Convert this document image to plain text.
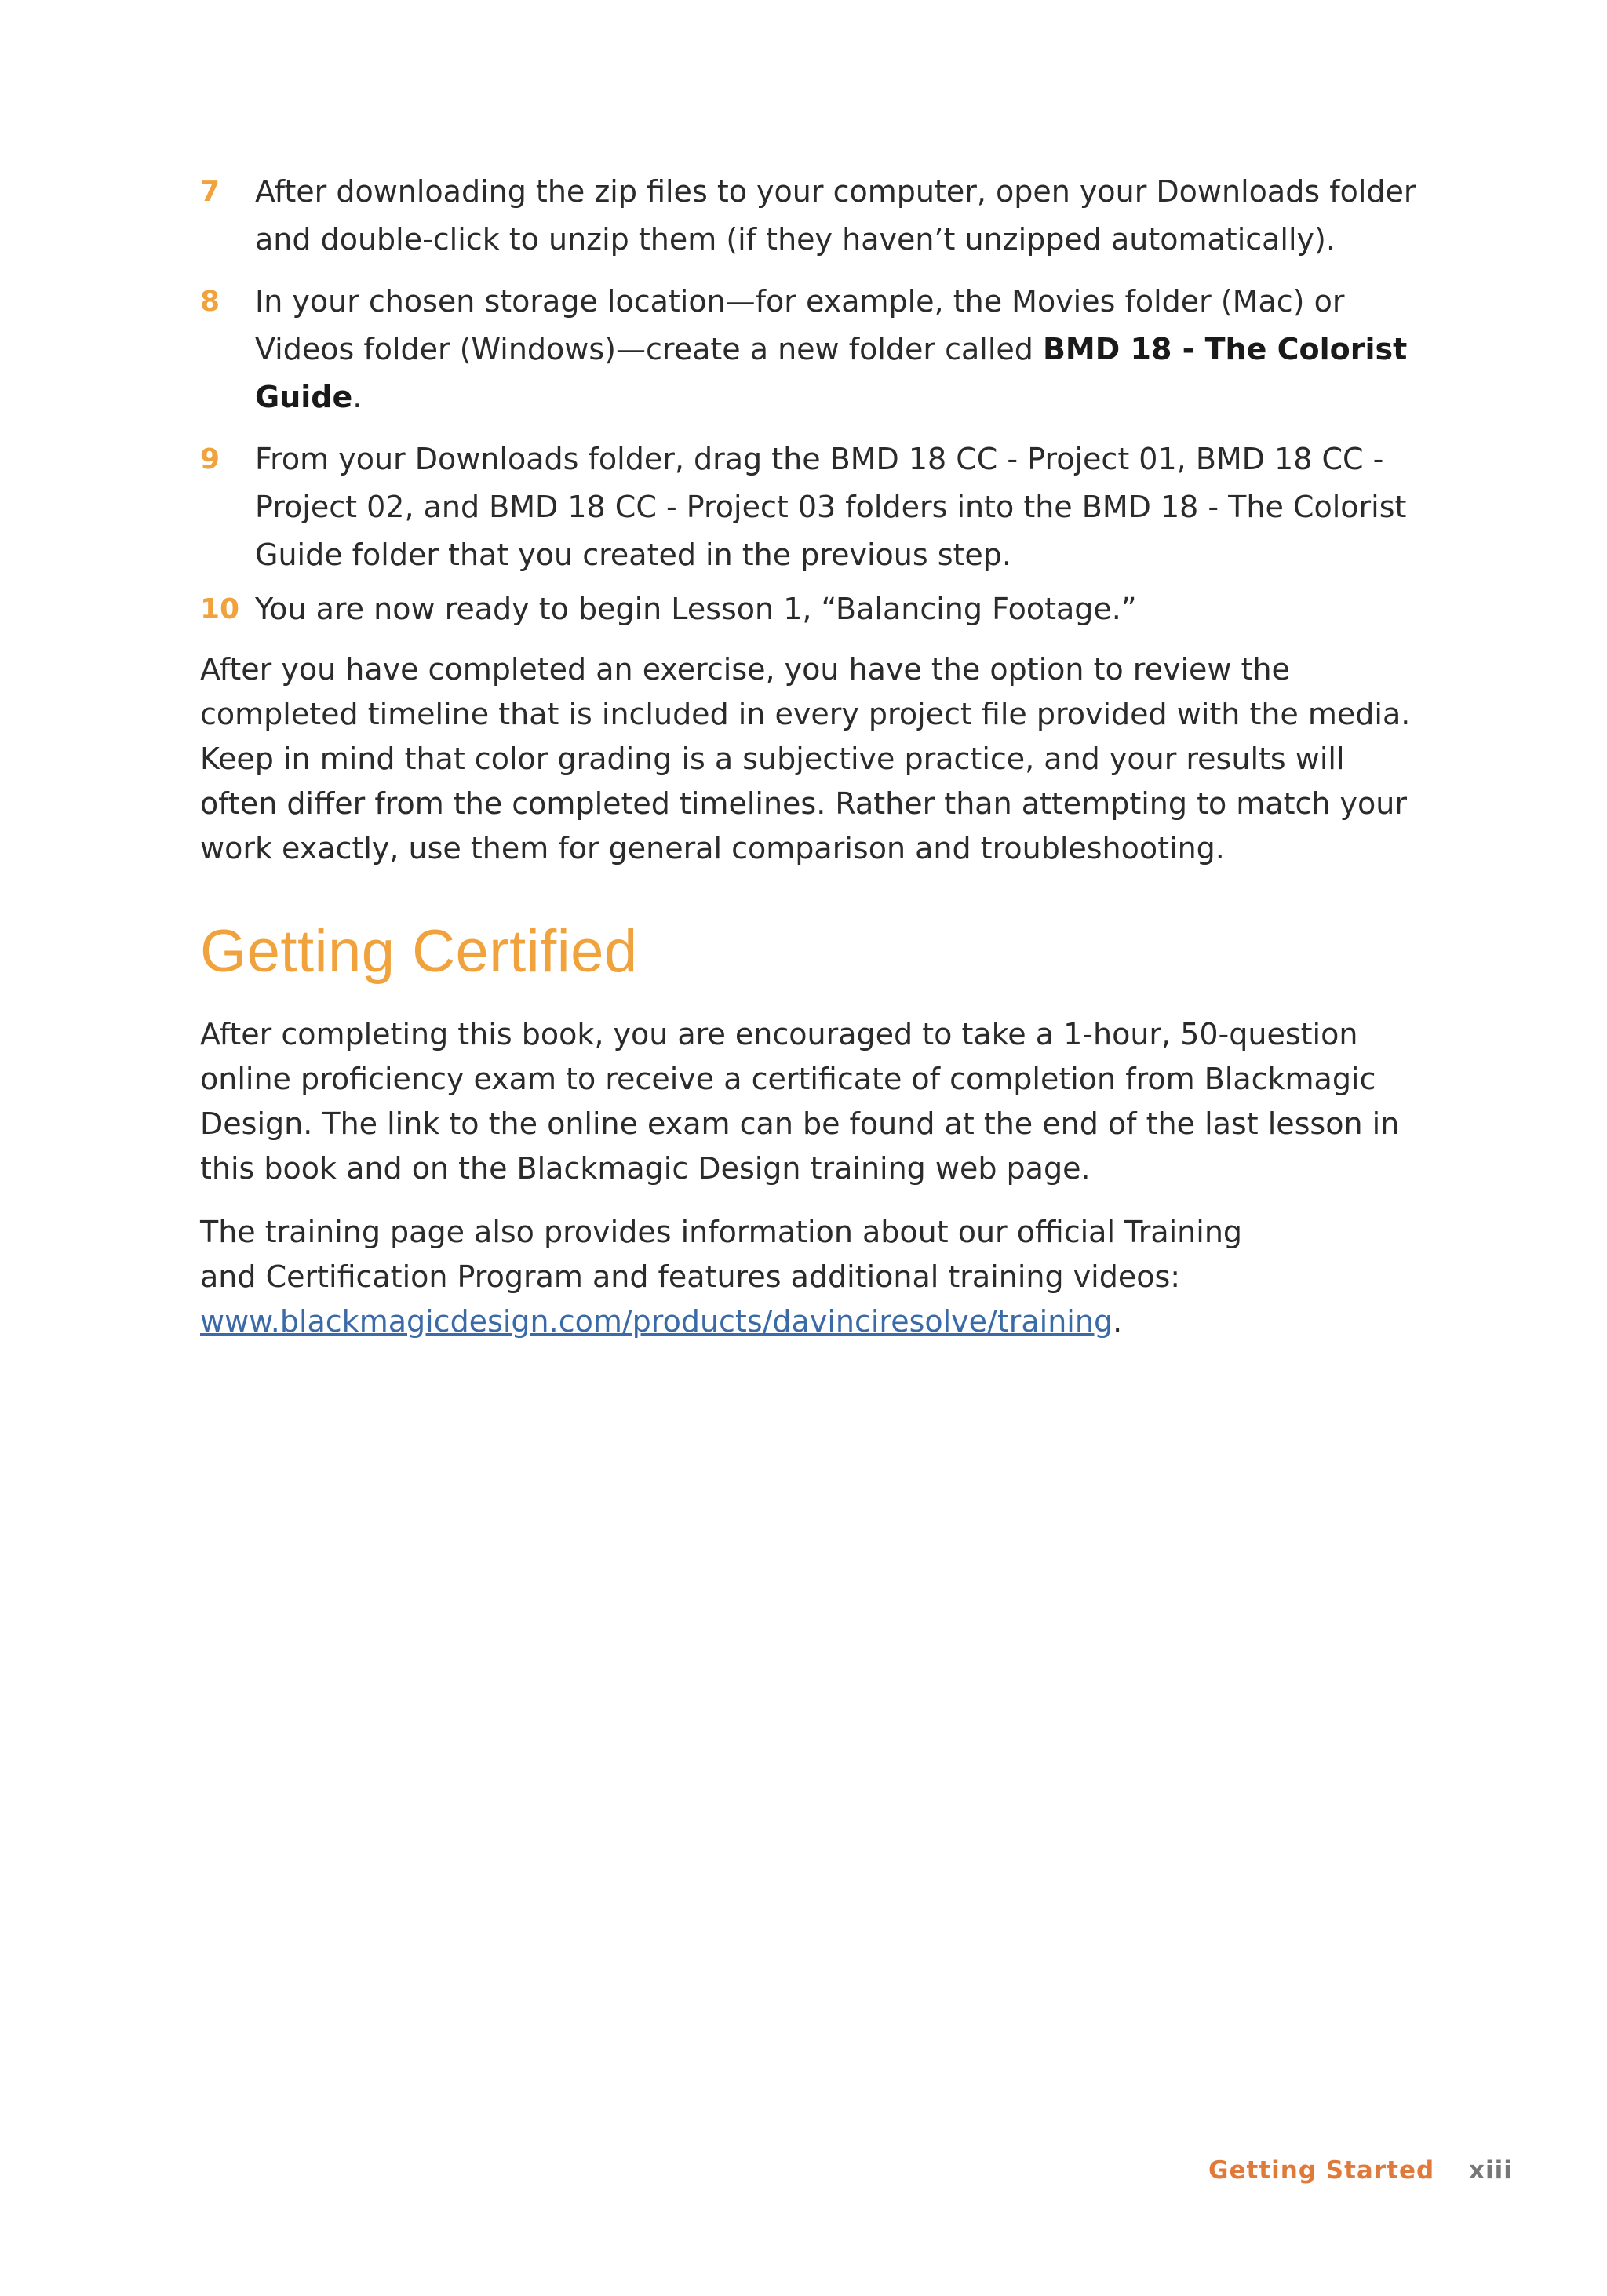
7 After downloading the zip files to your computer, open your Downloads folder and double-click to unzip them (if they haven’t unzipped automatically).
8 In your chosen storage location—for example, the Movies folder (Mac) or Videos folder (Windows)—create a new folder called BMD 18 - The Colorist Guide.
9 From your Downloads folder, drag the BMD 18 CC - Project 01, BMD 18 CC - Project 02, and BMD 18 CC - Project 03 folders into the BMD 18 - The Colorist Guide folder that you created in the previous step.
10 You are now ready to begin Lesson 1, “Balancing Footage.”
After you have completed an exercise, you have the option to review the completed timeline that is included in every project file provided with the media. Keep in mind that color grading is a subjective practice, and your results will often differ from the completed timelines. Rather than attempting to match your work exactly, use them for general comparison and troubleshooting.
Getting Certified
After completing this book, you are encouraged to take a 1-hour, 50-question online proficiency exam to receive a certificate of completion from Blackmagic Design. The link to the online exam can be found at the end of the last lesson in this book and on the Blackmagic Design training web page.
The training page also provides information about our official Training
and Certification Program and features additional training videos:
www.blackmagicdesign.com/products/davinciresolve/training.
Getting Started xiii
